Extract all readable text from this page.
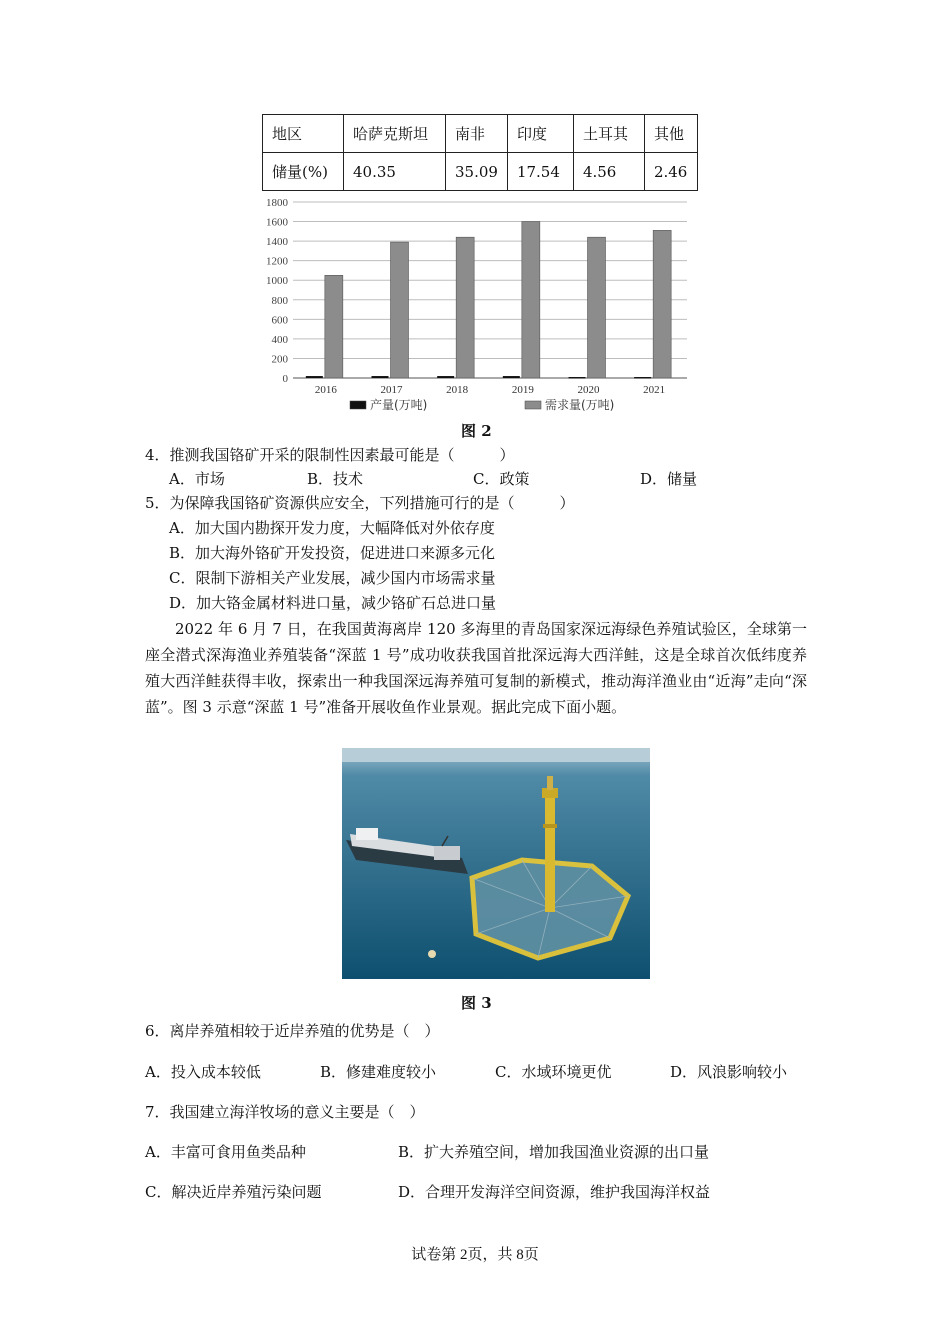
地区	哈萨克斯坦	南非	印度	土耳其	其他
储量(%)	40.35	35.09	17.54	4.56	2.46
0
200
400
600
800
1000
1200
1400
1600
1800
2016	2017	2018	2019	2020	2021
产量(万吨)	需求量(万吨)
图 2
4．推测我国铬矿开采的限制性因素最可能是（　　　）
A．市场	B．技术	C．政策	D．储量
5．为保障我国铬矿资源供应安全，下列措施可行的是（　　　）
A．加大国内勘探开发力度，大幅降低对外依存度
B．加大海外铬矿开发投资，促进进口来源多元化
C．限制下游相关产业发展，减少国内市场需求量
D．加大铬金属材料进口量，减少铬矿石总进口量
2022 年 6 月 7 日，在我国黄海离岸 120 多海里的青岛国家深远海绿色养殖试验区，全球第一座全潜式深海渔业养殖装备“深蓝 1 号”成功收获我国首批深远海大西洋鲑，这是全球首次低纬度养殖大西洋鲑获得丰收，探索出一种我国深远海养殖可复制的新模式，推动海洋渔业由“近海”走向“深蓝”。图 3 示意“深蓝 1 号”准备开展收鱼作业景观。据此完成下面小题。
图 3
6．离岸养殖相较于近岸养殖的优势是（　）
A．投入成本较低	B．修建难度较小	C．水域环境更优	D．风浪影响较小
7．我国建立海洋牧场的意义主要是（　）
A．丰富可食用鱼类品种	B．扩大养殖空间，增加我国渔业资源的出口量
C．解决近岸养殖污染问题	D．合理开发海洋空间资源，维护我国海洋权益
试卷第 2页，共 8页
